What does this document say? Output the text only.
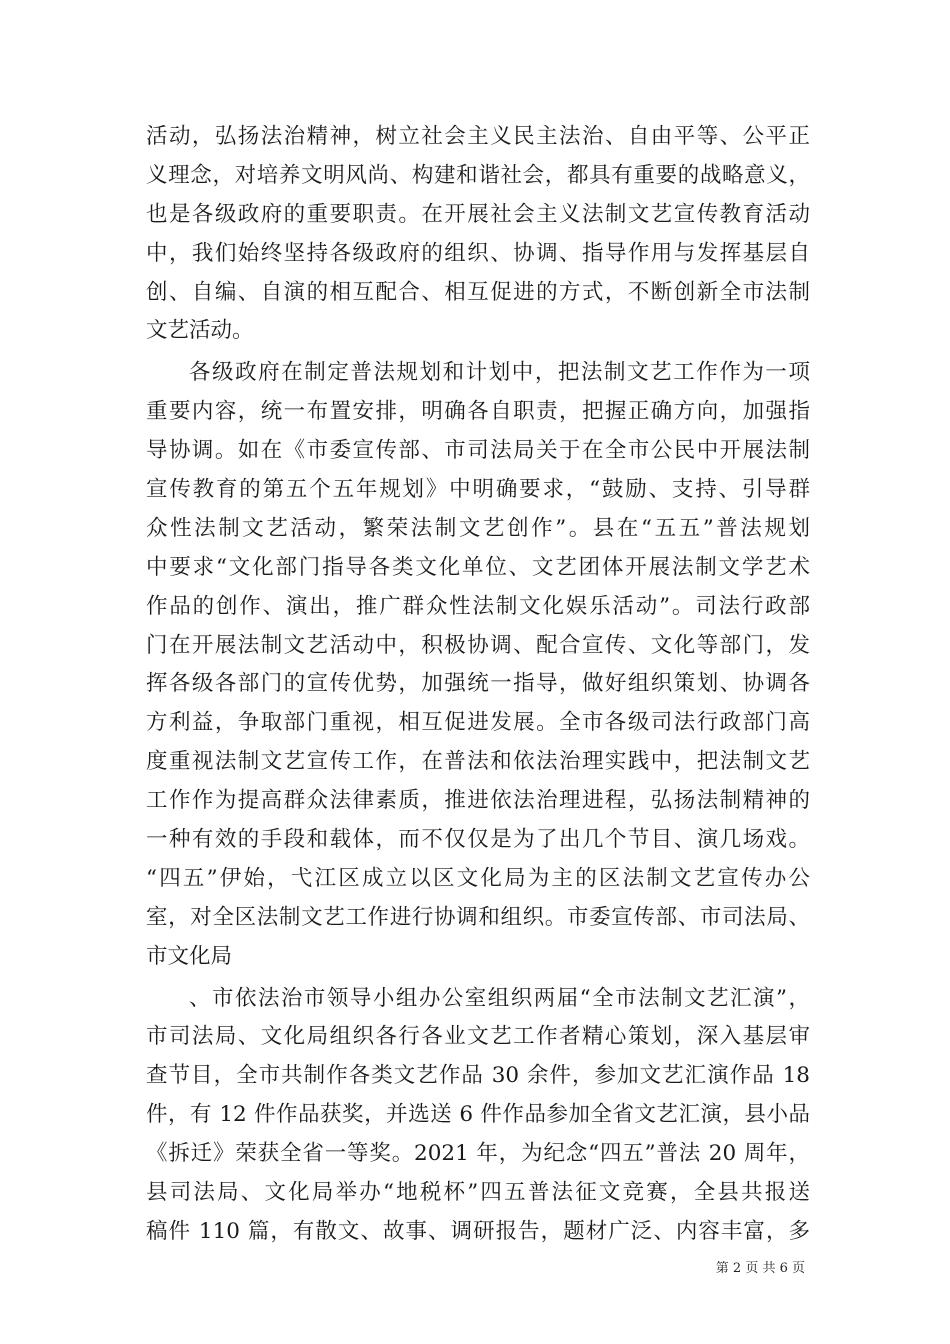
活动，弘扬法治精神，树立社会主义民主法治、自由平等、公平正
义理念，对培养文明风尚、构建和谐社会，都具有重要的战略意义，
也是各级政府的重要职责。在开展社会主义法制文艺宣传教育活动
中，我们始终坚持各级政府的组织、协调、指导作用与发挥基层自
创、自编、自演的相互配合、相互促进的方式，不断创新全市法制
文艺活动。
各级政府在制定普法规划和计划中，把法制文艺工作作为一项
重要内容，统一布置安排，明确各自职责，把握正确方向，加强指
导协调。如在《市委宣传部、市司法局关于在全市公民中开展法制
宣传教育的第五个五年规划》中明确要求，“鼓励、支持、引导群
众性法制文艺活动，繁荣法制文艺创作”。县在“五五”普法规划
中要求“文化部门指导各类文化单位、文艺团体开展法制文学艺术
作品的创作、演出，推广群众性法制文化娱乐活动”。司法行政部
门在开展法制文艺活动中，积极协调、配合宣传、文化等部门，发
挥各级各部门的宣传优势，加强统一指导，做好组织策划、协调各
方利益，争取部门重视，相互促进发展。全市各级司法行政部门高
度重视法制文艺宣传工作，在普法和依法治理实践中，把法制文艺
工作作为提高群众法律素质，推进依法治理进程，弘扬法制精神的
一种有效的手段和载体，而不仅仅是为了出几个节目、演几场戏。
“四五”伊始，弋江区成立以区文化局为主的区法制文艺宣传办公
室，对全区法制文艺工作进行协调和组织。市委宣传部、市司法局、
市文化局
、市依法治市领导小组办公室组织两届“全市法制文艺汇演”，
市司法局、文化局组织各行各业文艺工作者精心策划，深入基层审
查节目，全市共制作各类文艺作品 30 余件，参加文艺汇演作品 18
件，有 12 件作品获奖，并选送 6 件作品参加全省文艺汇演，县小品
《拆迁》荣获全省一等奖。2021 年，为纪念“四五”普法 20 周年，
县司法局、文化局举办“地税杯”四五普法征文竞赛，全县共报送
稿件 110 篇，有散文、故事、调研报告，题材广泛、内容丰富，多
第 2 页 共 6 页
